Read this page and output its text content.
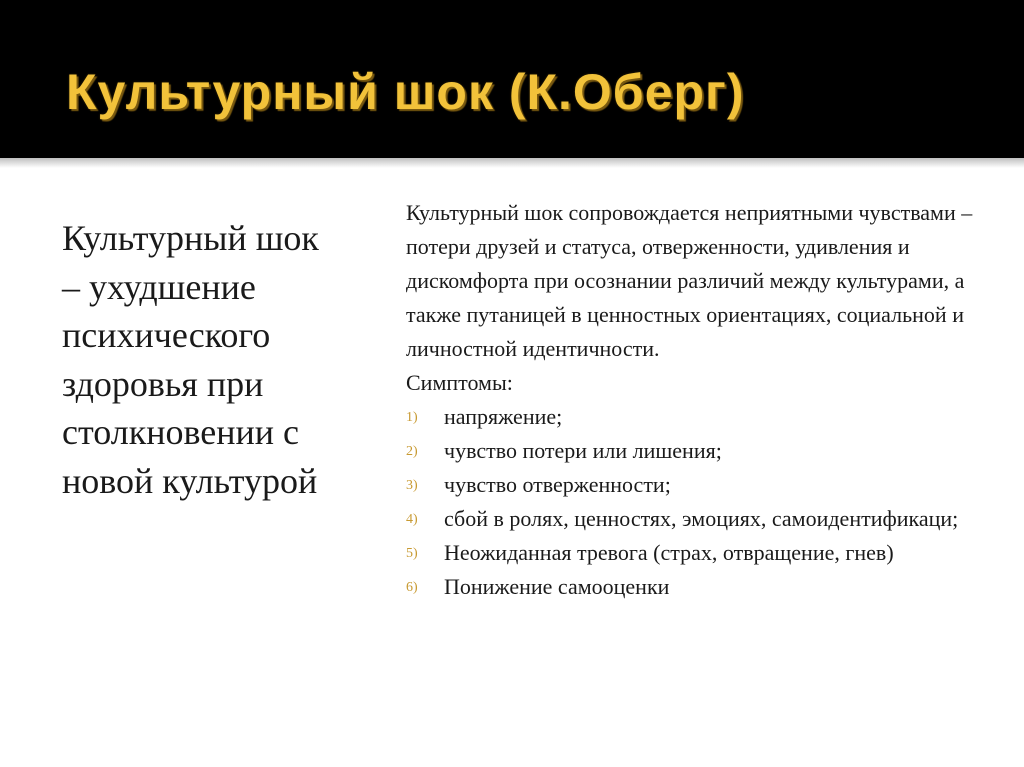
Культурный шок (К.Оберг)

Культурный шок – ухудшение психического здоровья при столкновении с новой культурой

Культурный шок сопровождается неприятными чувствами – потери друзей и статуса, отверженности, удивления и дискомфорта при осознании различий между культурами, а также путаницей в ценностных ориентациях, социальной и личностной идентичности.

Симптомы:

1) напряжение;
2) чувство потери или лишения;
3) чувство отверженности;
4) сбой в ролях, ценностях, эмоциях, самоидентификаци;
5) Неожиданная тревога (страх, отвращение, гнев)
6) Понижение самооценки
